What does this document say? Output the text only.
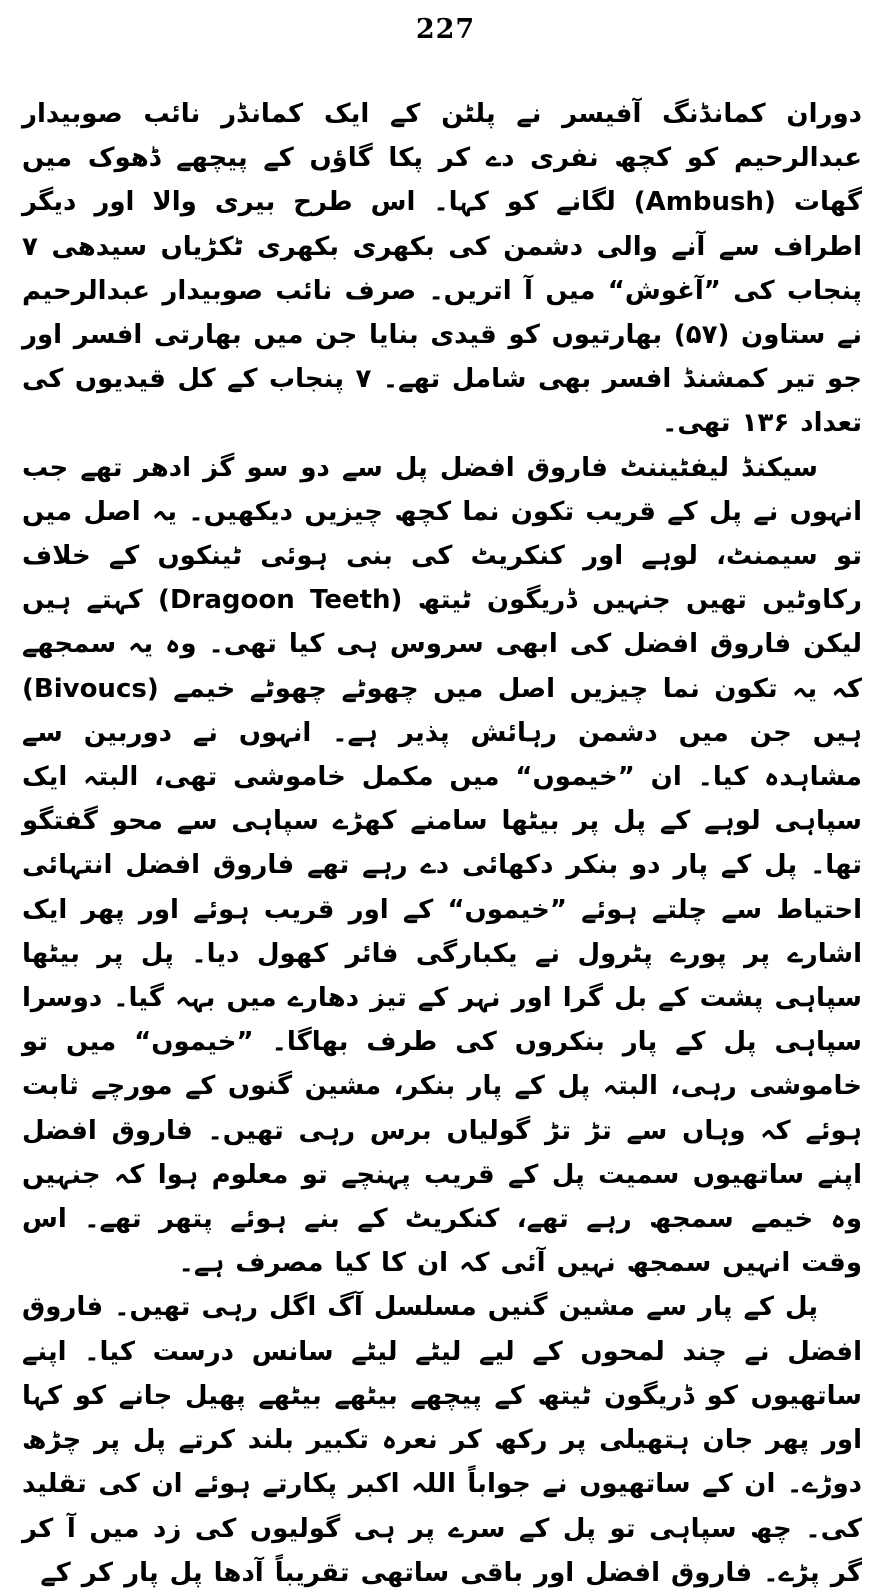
227

دوران کمانڈنگ آفیسر نے پلٹن کے ایک کمانڈر نائب صوبیدار عبدالرحیم کو کچھ نفری دے کر پکا گاؤں کے پیچھے ڈھوک میں گھات (Ambush) لگانے کو کہا۔ اس طرح بیری والا اور دیگر اطراف سے آنے والی دشمن کی بکھری بکھری ٹکڑیاں سیدھی ۷ پنجاب کی ”آغوش“ میں آ اتریں۔ صرف نائب صوبیدار عبدالرحیم نے ستاون (۵۷) بھارتیوں کو قیدی بنایا جن میں بھارتی افسر اور جو تیر کمشنڈ افسر بھی شامل تھے۔ ۷ پنجاب کے کل قیدیوں کی تعداد ۱۳۶ تھی۔

سیکنڈ لیفٹیننٹ فاروق افضل پل سے دو سو گز ادھر تھے جب انہوں نے پل کے قریب تکون نما کچھ چیزیں دیکھیں۔ یہ اصل میں تو سیمنٹ، لوہے اور کنکریٹ کی بنی ہوئی ٹینکوں کے خلاف رکاوٹیں تھیں جنہیں ڈریگون ٹیتھ (Dragoon Teeth) کہتے ہیں لیکن فاروق افضل کی ابھی سروس ہی کیا تھی۔ وہ یہ سمجھے کہ یہ تکون نما چیزیں اصل میں چھوٹے چھوٹے خیمے (Bivoucs) ہیں جن میں دشمن رہائش پذیر ہے۔ انہوں نے دوربین سے مشاہدہ کیا۔ ان ”خیموں“ میں مکمل خاموشی تھی، البتہ ایک سپاہی لوہے کے پل پر بیٹھا سامنے کھڑے سپاہی سے محو گفتگو تھا۔ پل کے پار دو بنکر دکھائی دے رہے تھے فاروق افضل انتہائی احتیاط سے چلتے ہوئے ”خیموں“ کے اور قریب ہوئے اور پھر ایک اشارے پر پورے پٹرول نے یکبارگی فائر کھول دیا۔ پل پر بیٹھا سپاہی پشت کے بل گرا اور نہر کے تیز دھارے میں بہہ گیا۔ دوسرا سپاہی پل کے پار بنکروں کی طرف بھاگا۔ ”خیموں“ میں تو خاموشی رہی، البتہ پل کے پار بنکر، مشین گنوں کے مورچے ثابت ہوئے کہ وہاں سے تڑ تڑ گولیاں برس رہی تھیں۔ فاروق افضل اپنے ساتھیوں سمیت پل کے قریب پہنچے تو معلوم ہوا کہ جنہیں وہ خیمے سمجھ رہے تھے، کنکریٹ کے بنے ہوئے پتھر تھے۔ اس وقت انہیں سمجھ نہیں آئی کہ ان کا کیا مصرف ہے۔

پل کے پار سے مشین گنیں مسلسل آگ اگل رہی تھیں۔ فاروق افضل نے چند لمحوں کے لیے لیٹے لیٹے سانس درست کیا۔ اپنے ساتھیوں کو ڈریگون ٹیتھ کے پیچھے بیٹھے بیٹھے پھیل جانے کو کہا اور پھر جان ہتھیلی پر رکھ کر نعرہ تکبیر بلند کرتے پل پر چڑھ دوڑے۔ ان کے ساتھیوں نے جواباً اللہ اکبر پکارتے ہوئے ان کی تقلید کی۔ چھ سپاہی تو پل کے سرے پر ہی گولیوں کی زد میں آ کر گر پڑے۔ فاروق افضل اور باقی ساتھی تقریباً آدھا پل پار کر کے
